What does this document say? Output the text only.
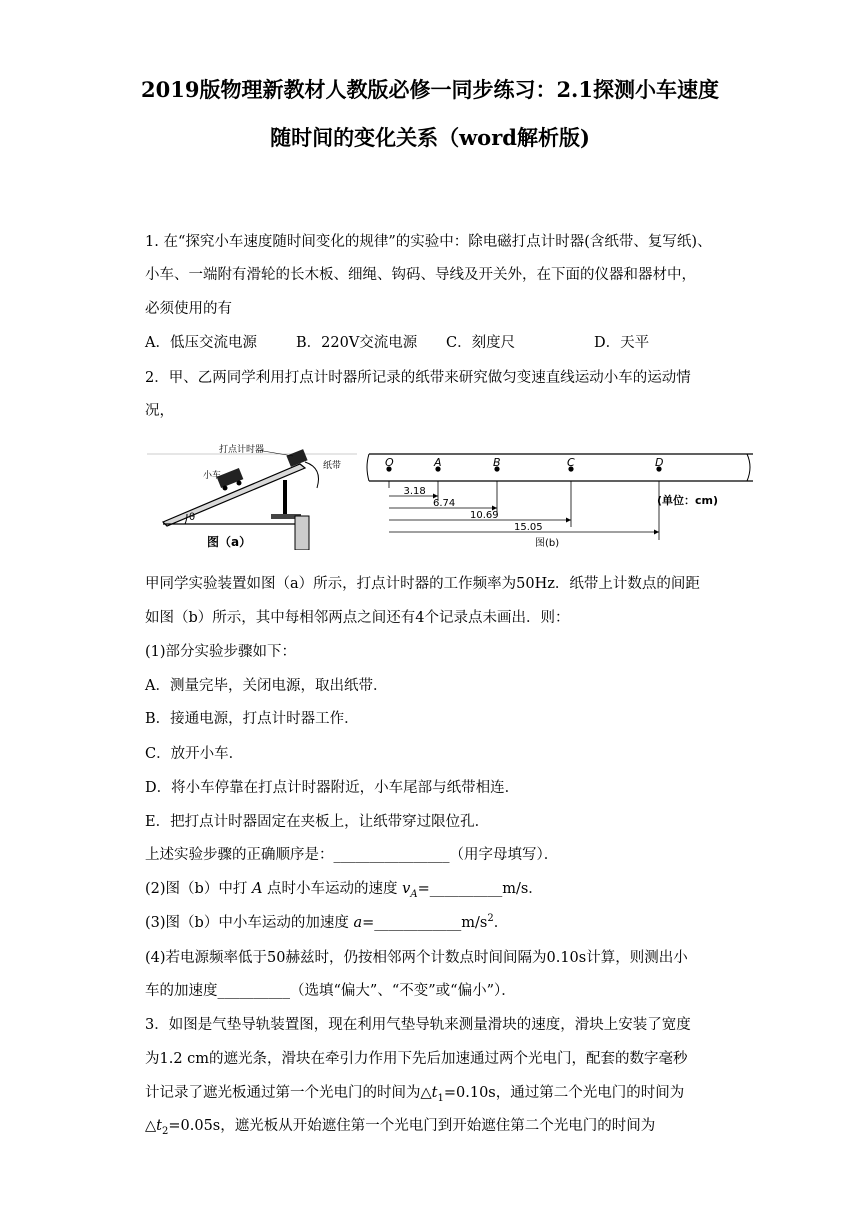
2019版物理新教材人教版必修一同步练习：2.1探测小车速度
随时间的变化关系（word解析版)
1. 在“探究小车速度随时间变化的规律”的实验中：除电磁打点计时器(含纸带、复写纸)、
小车、一端附有滑轮的长木板、细绳、钩码、导线及开关外，在下面的仪器和器材中，
必须使用的有
A．低压交流电源	B．220V交流电源 C．刻度尺	D．天平
2．甲、乙两同学利用打点计时器所记录的纸带来研究做匀变速直线运动小车的运动情
况，
θ
打点计时器
小车
纸带
图（a）
O	A	B	C	D
3.18
6.74
10.69
15.05
(单位：cm)
图(b)
甲同学实验装置如图（a）所示，打点计时器的工作频率为50Hz．纸带上计数点的间距
如图（b）所示，其中每相邻两点之间还有4个记录点未画出．则：
(1)部分实验步骤如下：
A．测量完毕，关闭电源，取出纸带．
B．接通电源，打点计时器工作．
C．放开小车．
D．将小车停靠在打点计时器附近，小车尾部与纸带相连．
E．把打点计时器固定在夹板上，让纸带穿过限位孔．
上述实验步骤的正确顺序是：________________（用字母填写）．
(2)图（b）中打 A 点时小车运动的速度 $v_A=\_\_\_\_\_\_\_\_\_\_m/s$．
(3)图（b）中小车运动的加速度 $a=\_\_\_\_\_\_\_\_\_\_\_\_m/s^2$．
(4)若电源频率低于50赫兹时，仍按相邻两个计数点时间间隔为0.10s计算，则测出小
车的加速度__________（选填“偏大”、“不变”或“偏小”）．
3．如图是气垫导轨装置图，现在利用气垫导轨来测量滑块的速度，滑块上安装了宽度
为1.2 cm的遮光条，滑块在牵引力作用下先后加速通过两个光电门，配套的数字毫秒
计记录了遮光板通过第一个光电门的时间为$\triangle t_1=0.10s$，通过第二个光电门的时间为
$\triangle t_2=0.05s$，遮光板从开始遮住第一个光电门到开始遮住第二个光电门的时间为
